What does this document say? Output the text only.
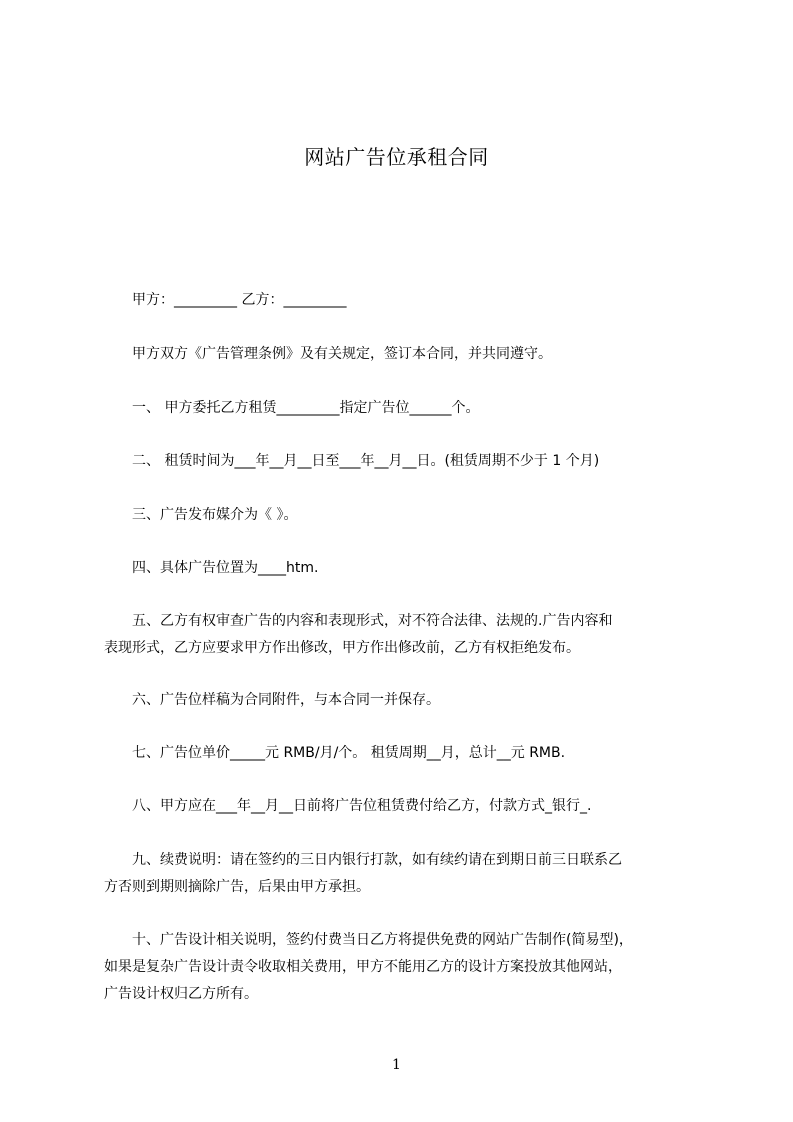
网站广告位承租合同
　　甲方：_________ 乙方：_________
　　甲方双方《广告管理条例》及有关规定，签订本合同，并共同遵守。
　　一、 甲方委托乙方租赁_________指定广告位______个。
　　二、 租赁时间为___年__月__日至___年__月__日。(租赁周期不少于 1 个月)
　　三、广告发布媒介为《 》。
　　四、具体广告位置为____htm.
　　五、乙方有权审查广告的内容和表现形式，对不符合法律、法规的.广告内容和
表现形式，乙方应要求甲方作出修改，甲方作出修改前，乙方有权拒绝发布。
　　六、广告位样稿为合同附件，与本合同一并保存。
　　七、广告位单价_____元 RMB/月/个。 租赁周期__月，总计__元 RMB.
　　八、甲方应在___年__月__日前将广告位租赁费付给乙方，付款方式_银行_.
　　九、续费说明：请在签约的三日内银行打款，如有续约请在到期日前三日联系乙
方否则到期则摘除广告，后果由甲方承担。
　　十、广告设计相关说明，签约付费当日乙方将提供免费的网站广告制作(简易型)，
如果是复杂广告设计责令收取相关费用，甲方不能用乙方的设计方案投放其他网站，
广告设计权归乙方所有。
1
